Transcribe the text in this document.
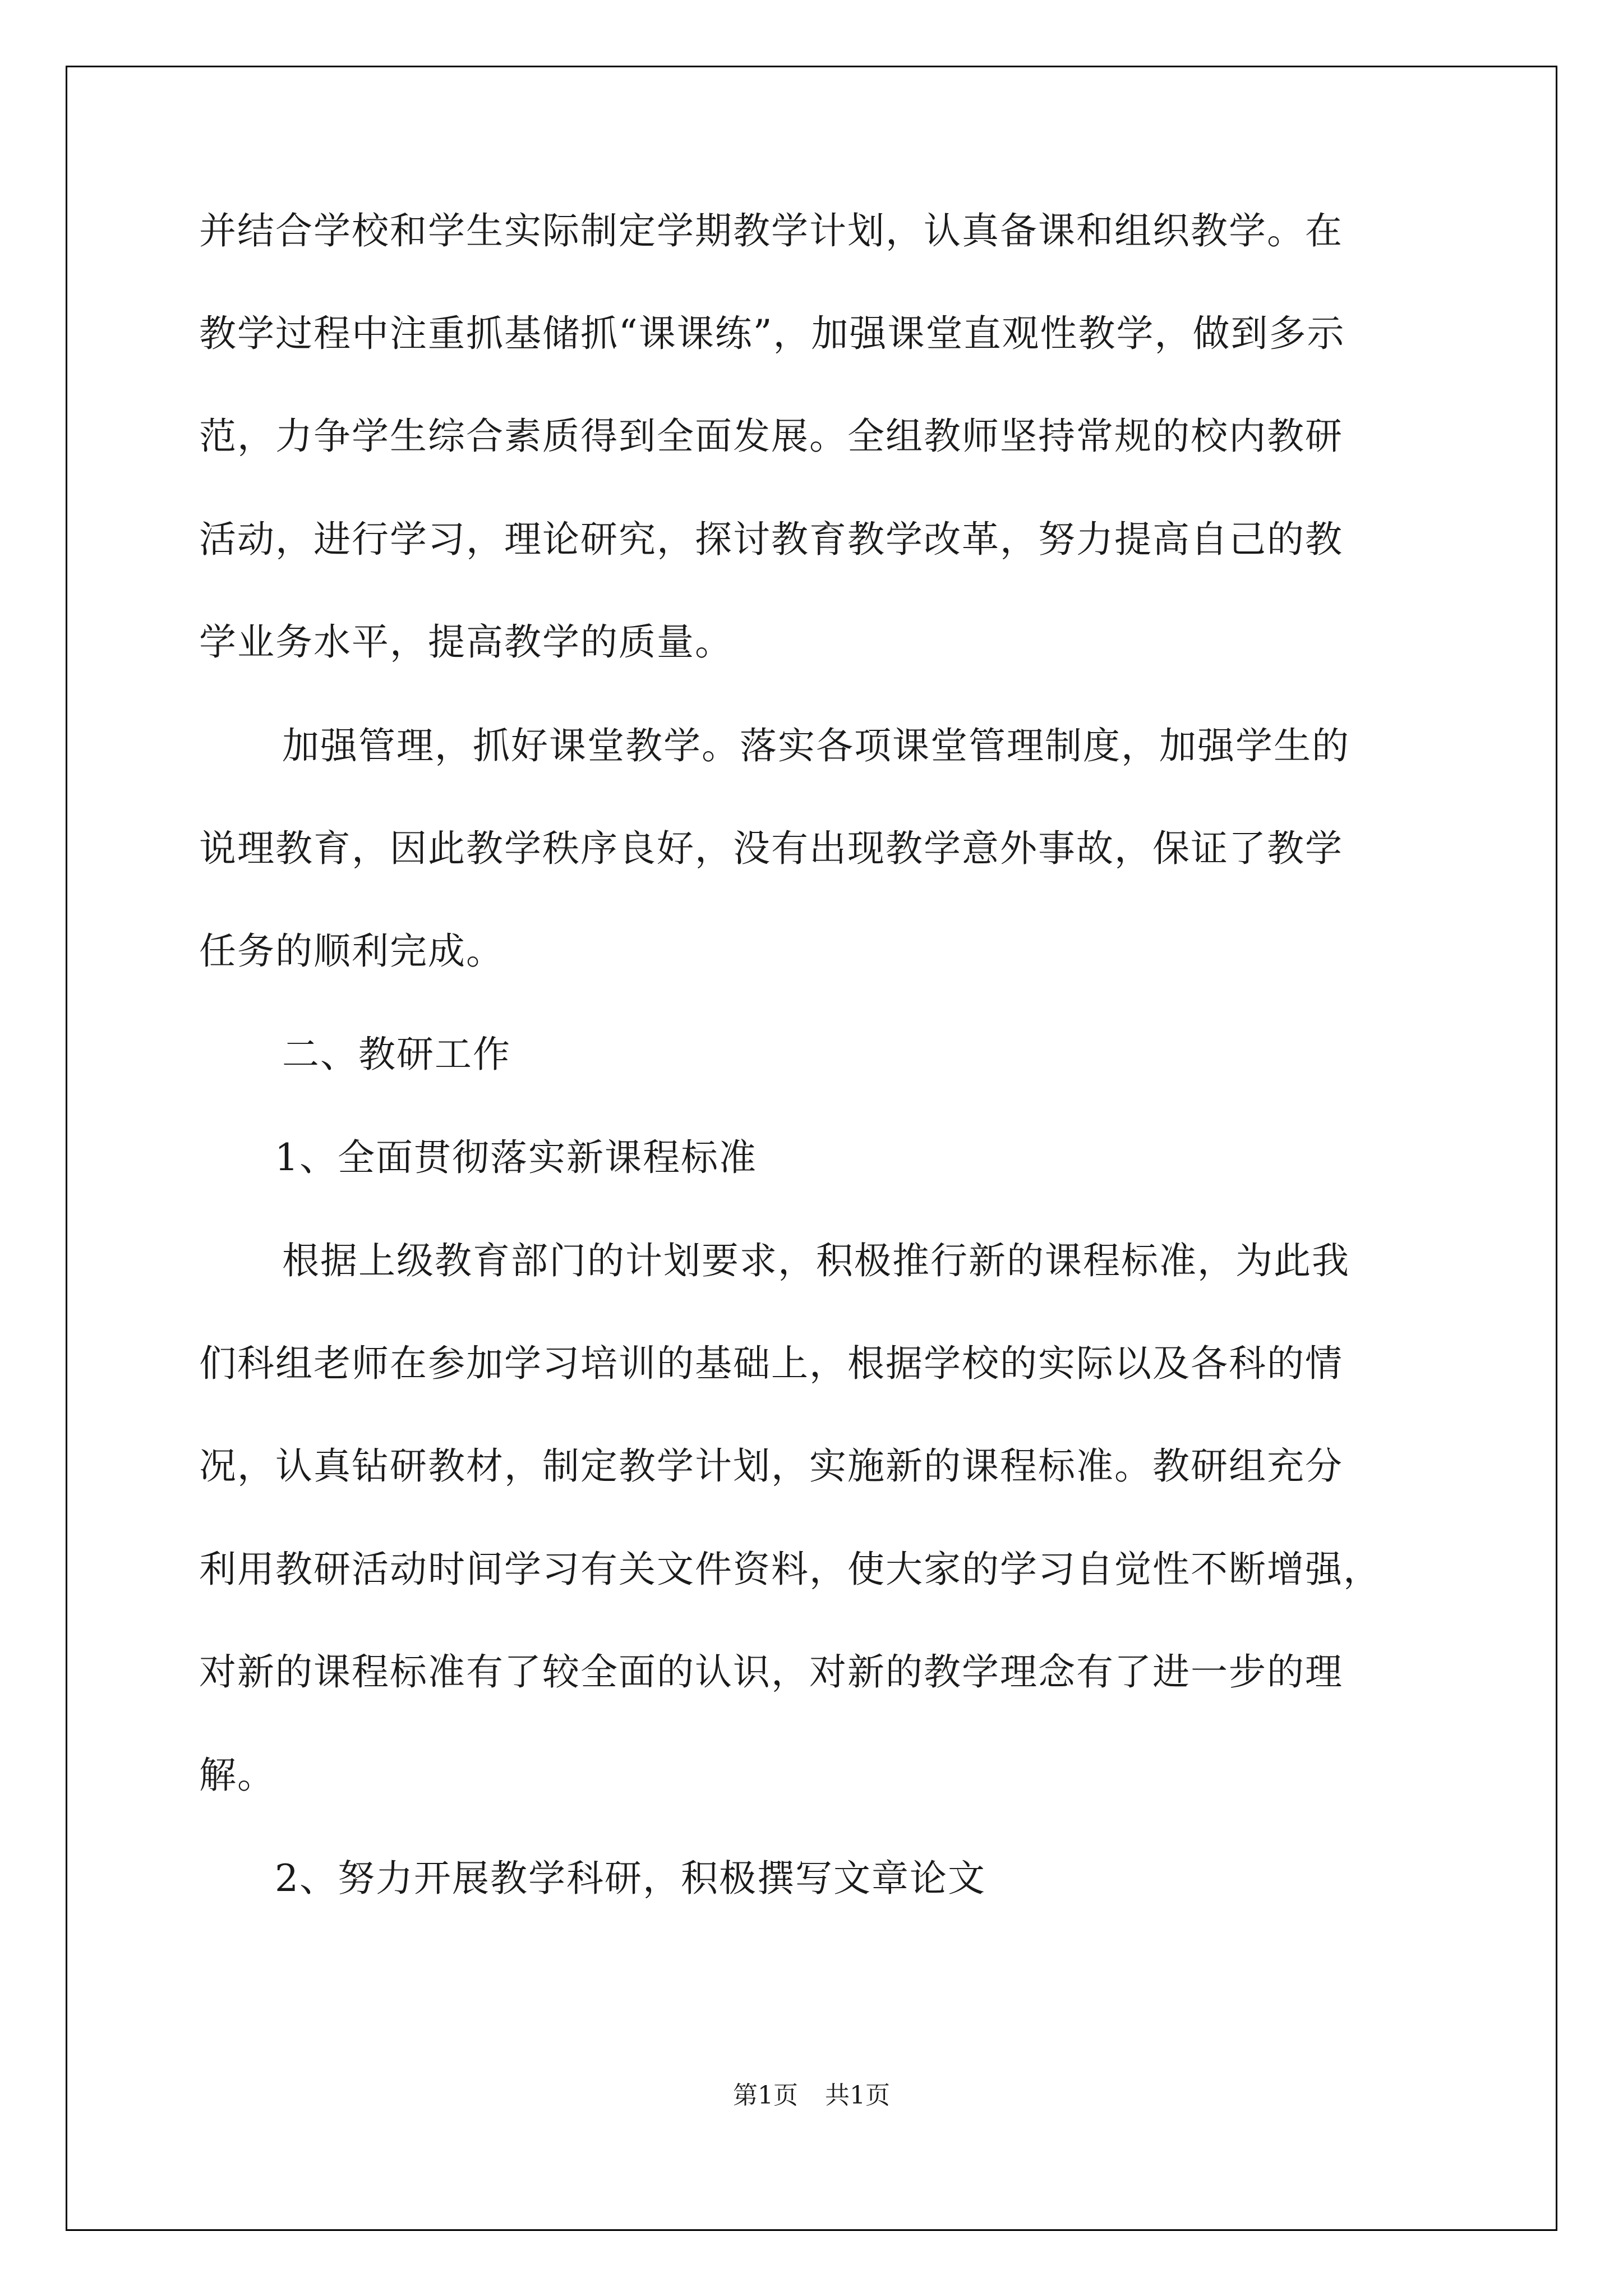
并结合学校和学生实际制定学期教学计划，认真备课和组织教学。在
教学过程中注重抓基储抓“课课练”，加强课堂直观性教学，做到多示
范，力争学生综合素质得到全面发展。全组教师坚持常规的校内教研
活动，进行学习，理论研究，探讨教育教学改革，努力提高自己的教
学业务水平，提高教学的质量。
加强管理，抓好课堂教学。落实各项课堂管理制度，加强学生的
说理教育，因此教学秩序良好，没有出现教学意外事故，保证了教学
任务的顺利完成。
二、教研工作
1、全面贯彻落实新课程标准
根据上级教育部门的计划要求，积极推行新的课程标准，为此我
们科组老师在参加学习培训的基础上，根据学校的实际以及各科的情
况，认真钻研教材，制定教学计划，实施新的课程标准。教研组充分
利用教研活动时间学习有关文件资料，使大家的学习自觉性不断增强，
对新的课程标准有了较全面的认识，对新的教学理念有了进一步的理
解。
2、努力开展教学科研，积极撰写文章论文
第1页 共1页
